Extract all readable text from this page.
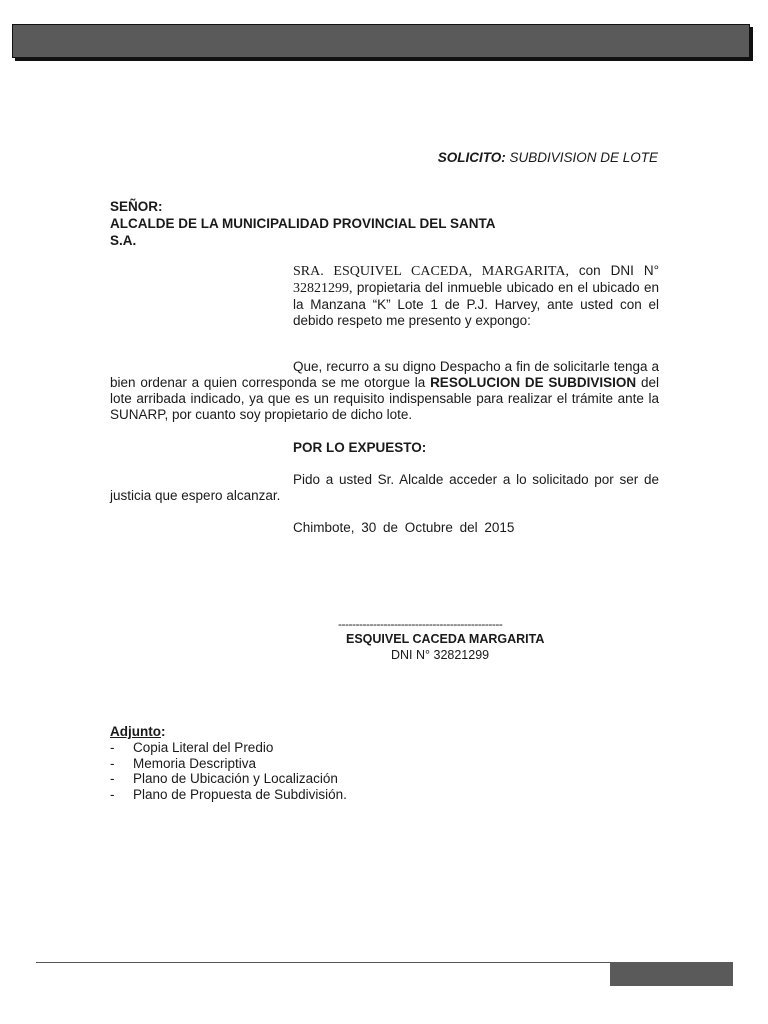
SOLICITO: SUBDIVISION DE LOTE
SEÑOR:
ALCALDE DE LA MUNICIPALIDAD PROVINCIAL DEL SANTA
S.A.
SRA. ESQUIVEL CACEDA, MARGARITA, con DNI N° 32821299, propietaria del inmueble ubicado en el ubicado en la Manzana “K” Lote 1 de P.J. Harvey, ante usted con el debido respeto me presento y expongo:
Que, recurro a su digno Despacho a fin de solicitarle tenga a bien ordenar a quien corresponda se me otorgue la RESOLUCION DE SUBDIVISION del lote arribada indicado, ya que es un requisito indispensable para realizar el trámite ante la SUNARP, por cuanto soy propietario de dicho lote.
POR LO EXPUESTO:
Pido a usted Sr. Alcalde acceder a lo solicitado por ser de justicia que espero alcanzar.
Chimbote, 30 de Octubre del 2015
-----------------------------------------------
ESQUIVEL CACEDA MARGARITA
DNI N° 32821299
Adjunto:
-	Copia Literal del Predio
-	Memoria Descriptiva
-	Plano de Ubicación y Localización
-	Plano de Propuesta de Subdivisión.
